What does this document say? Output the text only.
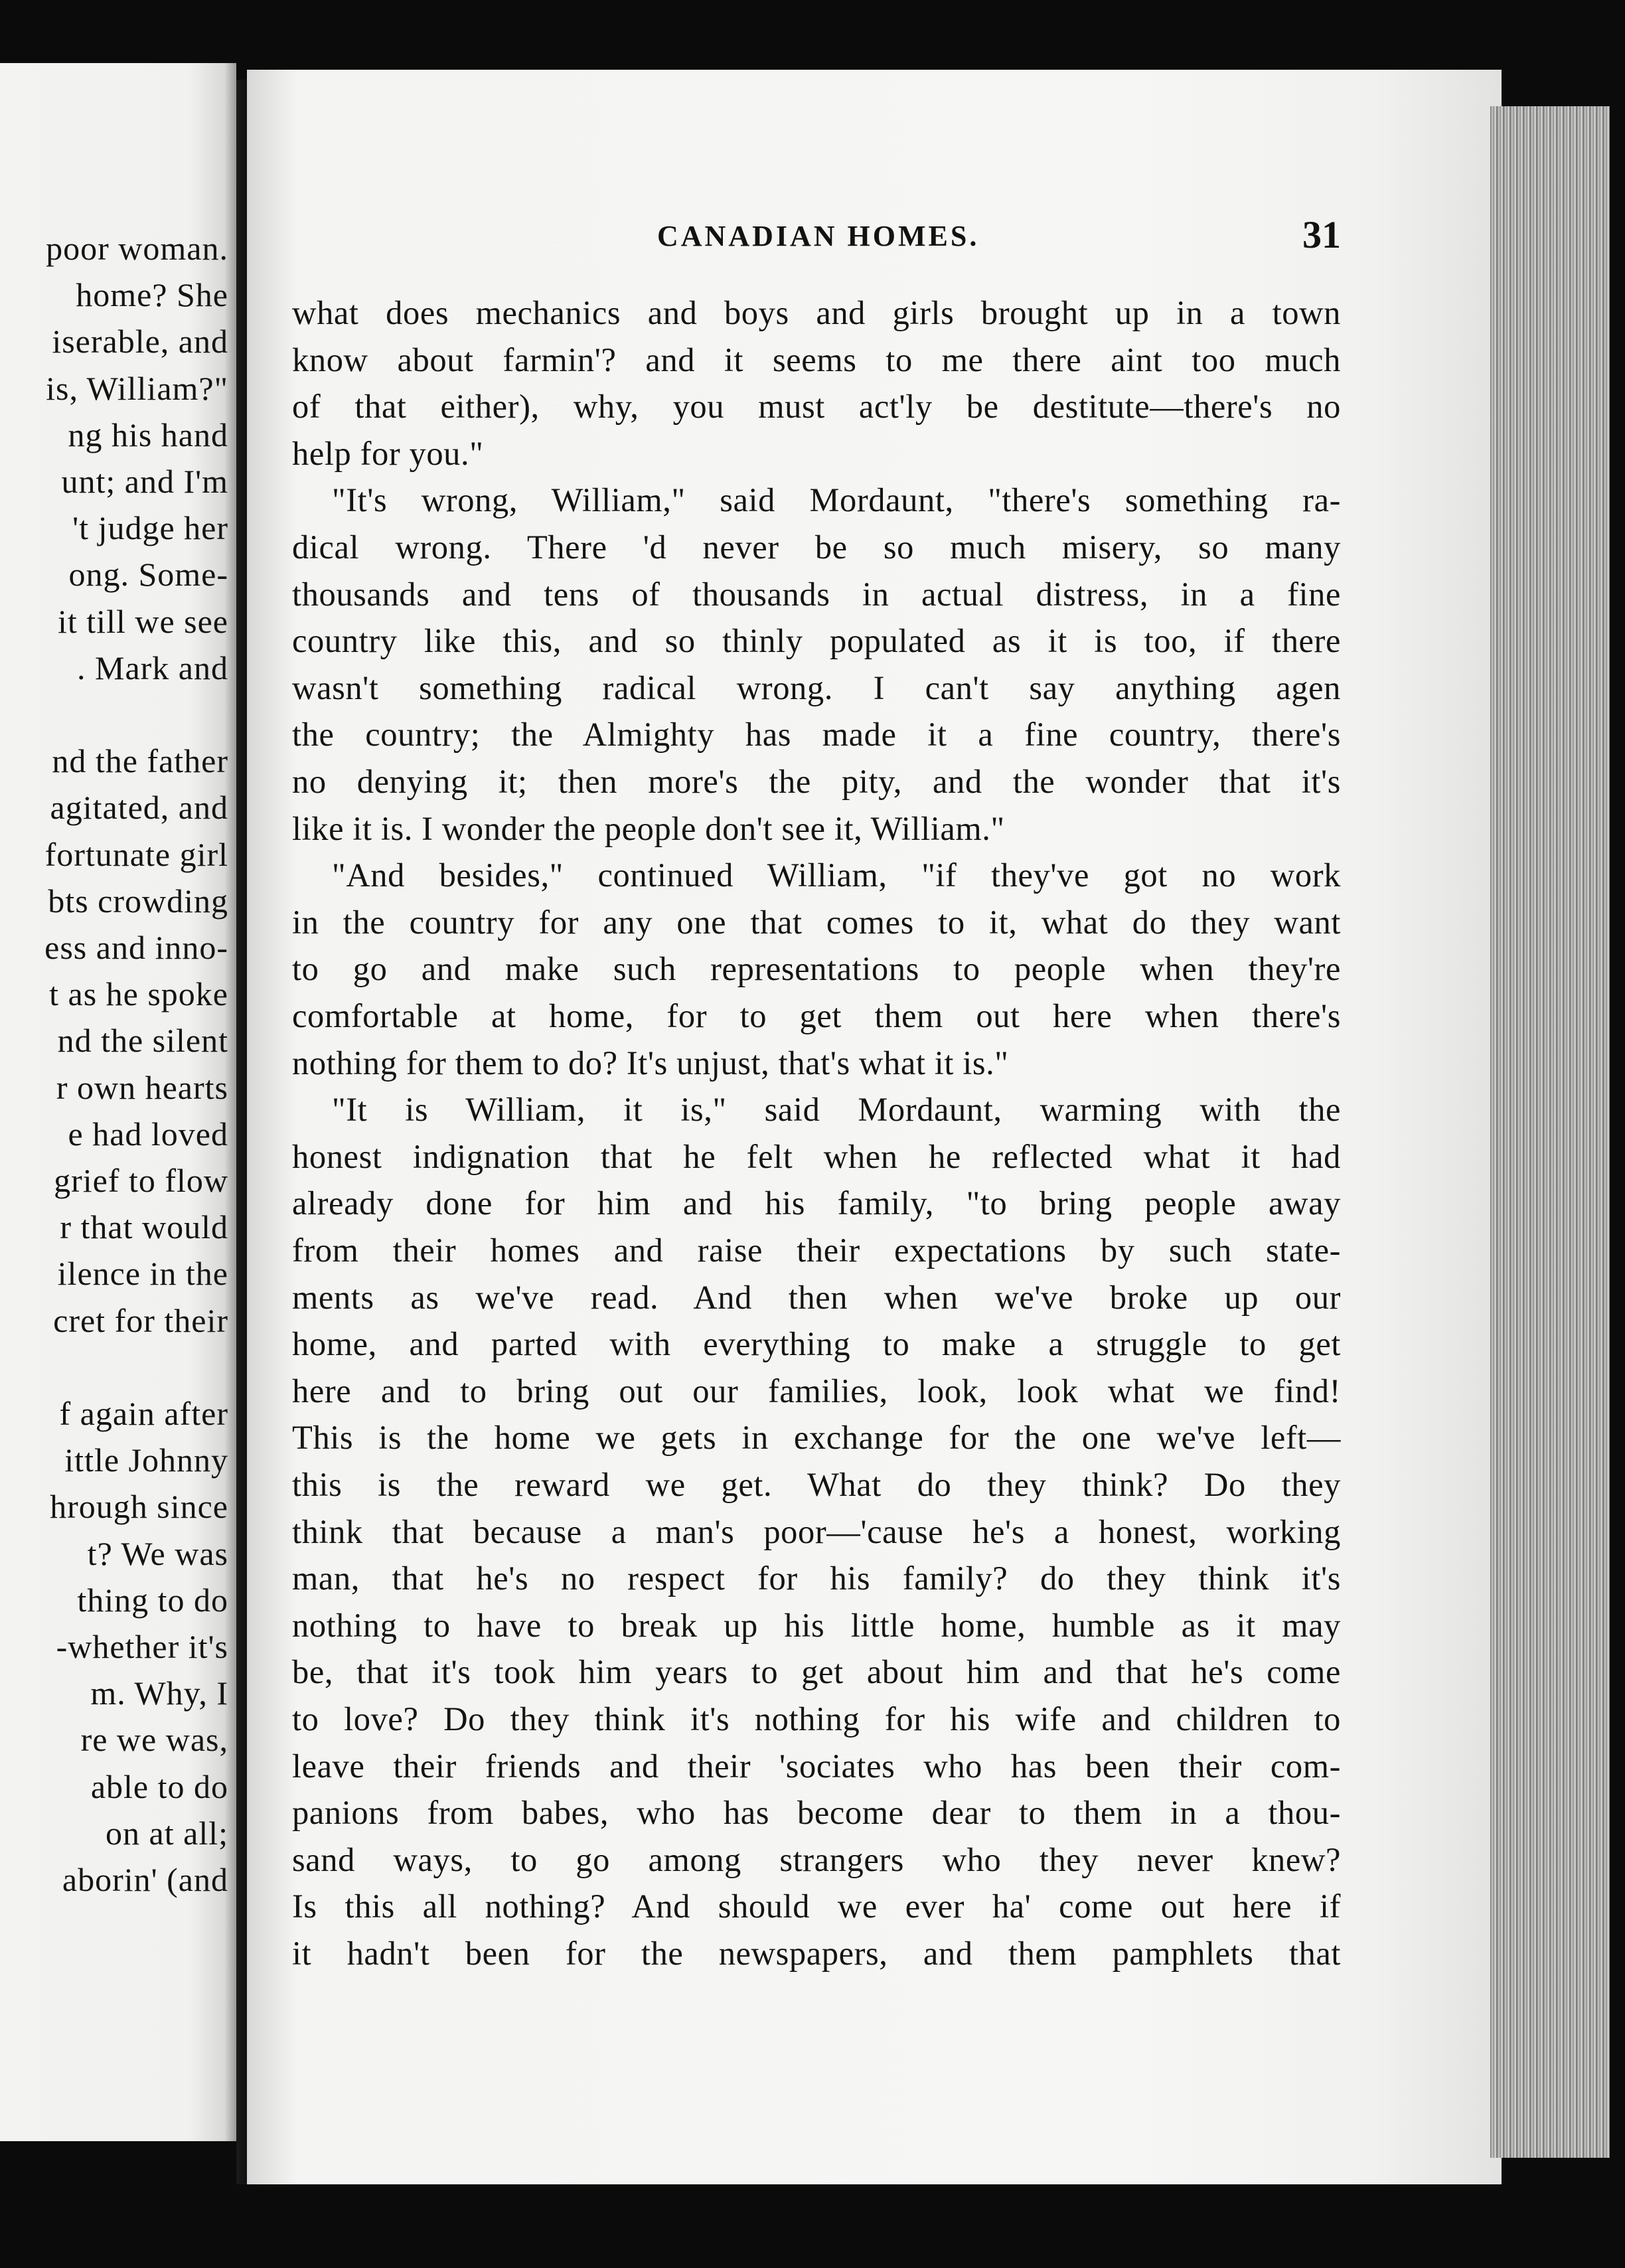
poor woman.
home? She
iserable, and
is, William?"
ng his hand
unt; and I'm
't judge her
ong. Some-
it till we see
. Mark and
nd the father
agitated, and
fortunate girl
bts crowding
ess and inno-
t as he spoke
nd the silent
r own hearts
e had loved
grief to flow
r that would
ilence in the
cret for their
f again after
ittle Johnny
hrough since
t? We was
thing to do
-whether it's
m. Why, I
re we was,
able to do
on at all;
aborin' (and
CANADIAN HOMES.	31
what does mechanics and boys and girls brought up in a town
know about farmin'? and it seems to me there aint too much
of that either), why, you must act'ly be destitute—there's no
help for you."
"It's wrong, William," said Mordaunt, "there's something ra-
dical wrong. There 'd never be so much misery, so many
thousands and tens of thousands in actual distress, in a fine
country like this, and so thinly populated as it is too, if there
wasn't something radical wrong. I can't say anything agen
the country; the Almighty has made it a fine country, there's
no denying it; then more's the pity, and the wonder that it's
like it is. I wonder the people don't see it, William."
"And besides," continued William, "if they've got no work
in the country for any one that comes to it, what do they want
to go and make such representations to people when they're
comfortable at home, for to get them out here when there's
nothing for them to do? It's unjust, that's what it is."
"It is William, it is," said Mordaunt, warming with the
honest indignation that he felt when he reflected what it had
already done for him and his family, "to bring people away
from their homes and raise their expectations by such state-
ments as we've read. And then when we've broke up our
home, and parted with everything to make a struggle to get
here and to bring out our families, look, look what we find!
This is the home we gets in exchange for the one we've left—
this is the reward we get. What do they think? Do they
think that because a man's poor—'cause he's a honest, working
man, that he's no respect for his family? do they think it's
nothing to have to break up his little home, humble as it may
be, that it's took him years to get about him and that he's come
to love? Do they think it's nothing for his wife and children to
leave their friends and their 'sociates who has been their com-
panions from babes, who has become dear to them in a thou-
sand ways, to go among strangers who they never knew?
Is this all nothing? And should we ever ha' come out here if
it hadn't been for the newspapers, and them pamphlets that
